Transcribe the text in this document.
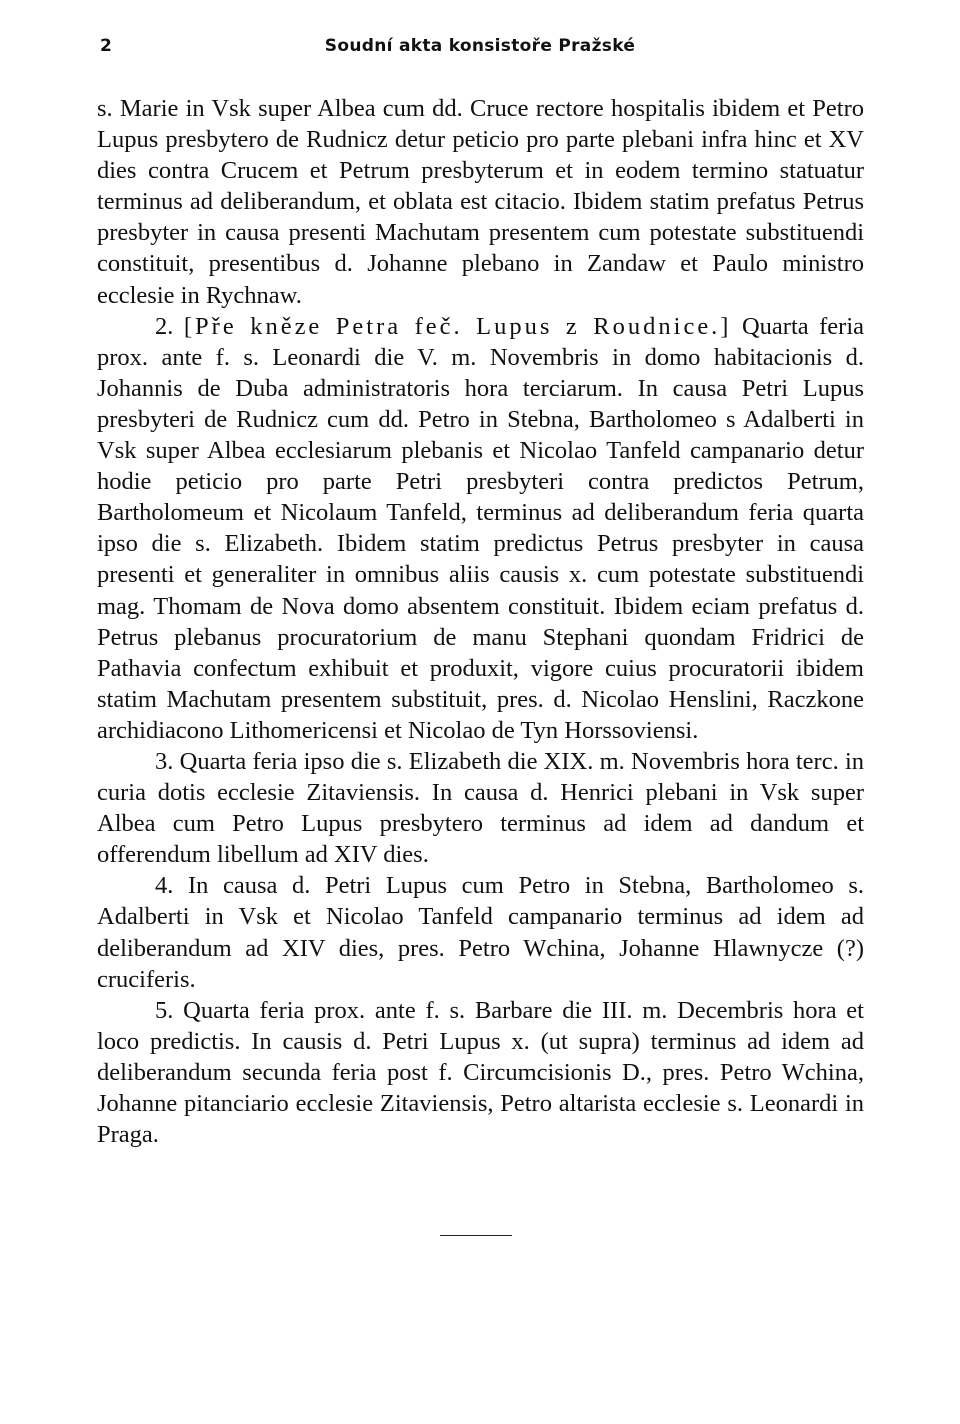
2	Soudní akta konsistoře Pražské

s. Marie in Vsk super Albea cum dd. Cruce rectore hospitalis ibidem et Petro Lupus presbytero de Rudnicz detur peticio pro parte plebani infra hinc et XV dies contra Crucem et Petrum presbyterum et in eodem termino statuatur terminus ad deliberandum, et oblata est citacio. Ibidem statim prefatus Petrus presbyter in causa presenti Machutam presentem cum potestate substituendi constituit, presentibus d. Johanne plebano in Zandaw et Paulo ministro ecclesie in Rychnaw.

2. [Pře kněze Petra feč. Lupus z Roudnice.] Quarta feria prox. ante f. s. Leonardi die V. m. Novembris in domo habitacionis d. Johannis de Duba administratoris hora terciarum. In causa Petri Lupus presbyteri de Rudnicz cum dd. Petro in Stebna, Bartholomeo s Adalberti in Vsk super Albea ecclesiarum plebanis et Nicolao Tanfeld campanario detur hodie peticio pro parte Petri presbyteri contra predictos Petrum, Bartholomeum et Nicolaum Tanfeld, terminus ad deliberandum feria quarta ipso die s. Elizabeth. Ibidem statim predictus Petrus presbyter in causa presenti et generaliter in omnibus aliis causis x. cum potestate substituendi mag. Thomam de Nova domo absentem constituit. Ibidem eciam prefatus d. Petrus plebanus procuratorium de manu Stephani quondam Fridrici de Pathavia confectum exhibuit et produxit, vigore cuius procuratorii ibidem statim Machutam presentem substituit, pres. d. Nicolao Henslini, Raczkone archidiacono Lithomericensi et Nicolao de Tyn Horssoviensi.

3. Quarta feria ipso die s. Elizabeth die XIX. m. Novembris hora terc. in curia dotis ecclesie Zitaviensis. In causa d. Henrici plebani in Vsk super Albea cum Petro Lupus presbytero terminus ad idem ad dandum et offerendum libellum ad XIV dies.

4. In causa d. Petri Lupus cum Petro in Stebna, Bartholomeo s. Adalberti in Vsk et Nicolao Tanfeld campanario terminus ad idem ad deliberandum ad XIV dies, pres. Petro Wchina, Johanne Hlawnycze (?) cruciferis.

5. Quarta feria prox. ante f. s. Barbare die III. m. Decembris hora et loco predictis. In causis d. Petri Lupus x. (ut supra) terminus ad idem ad deliberandum secunda feria post f. Circumcisionis D., pres. Petro Wchina, Johanne pitanciario ecclesie Zitaviensis, Petro altarista ecclesie s. Leonardi in Praga.
